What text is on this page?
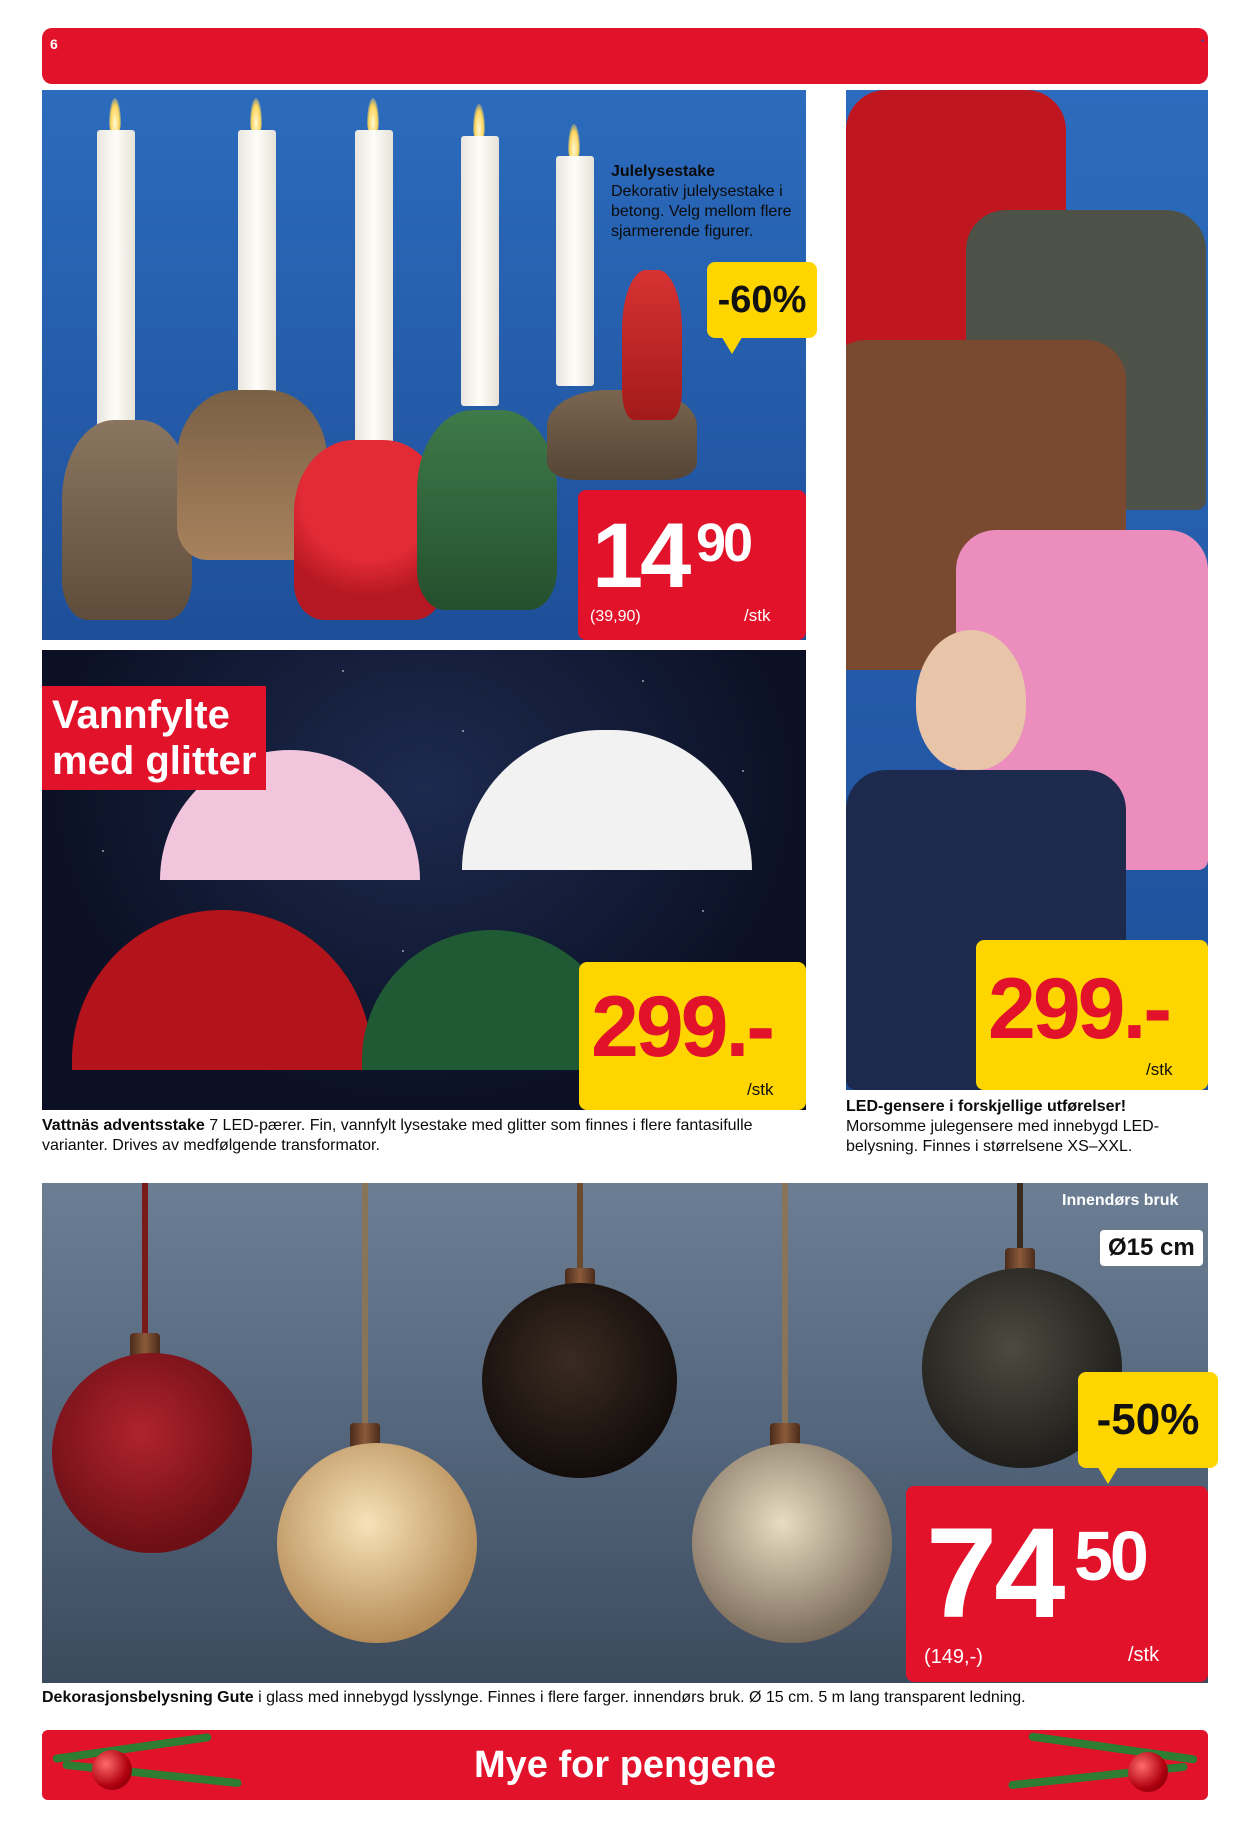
6	▪
Julelysestake
Dekorativ julelysestake i betong. Velg mellom flere sjarmerende figurer.
-60%
14 90
(39,90)	/stk
Vannfylte
med glitter
299.-
/stk
Vattnäs adventsstake 7 LED-pærer. Fin, vannfylt lysestake med glitter som finnes i flere fantasifulle varianter. Drives av medfølgende transformator.
299.-
/stk
LED-gensere i forskjellige utførelser!
Morsomme julegensere med innebygd LED-belysning. Finnes i størrelsene XS–XXL.
Innendørs bruk
Ø15 cm
-50%
74 50
(149,-)	/stk
Dekorasjonsbelysning Gute i glass med innebygd lysslynge. Finnes i flere farger. innendørs bruk. Ø 15 cm. 5 m lang transparent ledning.
Mye for pengene
